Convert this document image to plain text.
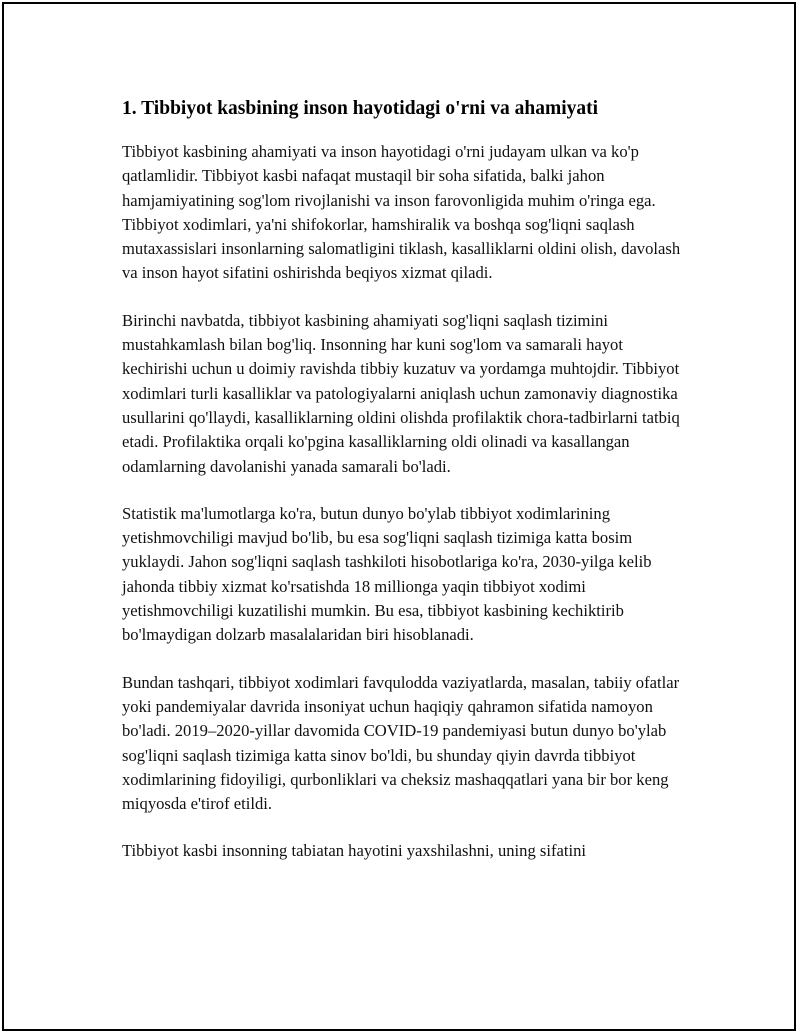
1. Tibbiyot kasbining inson hayotidagi o'rni va ahamiyati

Tibbiyot kasbining ahamiyati va inson hayotidagi o'rni judayam ulkan va ko'p qatlamlidir. Tibbiyot kasbi nafaqat mustaqil bir soha sifatida, balki jahon hamjamiyatining sog'lom rivojlanishi va inson farovonligida muhim o'ringa ega. Tibbiyot xodimlari, ya'ni shifokorlar, hamshiralik va boshqa sog'liqni saqlash mutaxassislari insonlarning salomatligini tiklash, kasalliklarni oldini olish, davolash va inson hayot sifatini oshirishda beqiyos xizmat qiladi.

Birinchi navbatda, tibbiyot kasbining ahamiyati sog'liqni saqlash tizimini mustahkamlash bilan bog'liq. Insonning har kuni sog'lom va samarali hayot kechirishi uchun u doimiy ravishda tibbiy kuzatuv va yordamga muhtojdir. Tibbiyot xodimlari turli kasalliklar va patologiyalarni aniqlash uchun zamonaviy diagnostika usullarini qo'llaydi, kasalliklarning oldini olishda profilaktik chora-tadbirlarni tatbiq etadi. Profilaktika orqali ko'pgina kasalliklarning oldi olinadi va kasallangan odamlarning davolanishi yanada samarali bo'ladi.

Statistik ma'lumotlarga ko'ra, butun dunyo bo'ylab tibbiyot xodimlarining yetishmovchiligi mavjud bo'lib, bu esa sog'liqni saqlash tizimiga katta bosim yuklaydi. Jahon sog'liqni saqlash tashkiloti hisobotlariga ko'ra, 2030-yilga kelib jahonda tibbiy xizmat ko'rsatishda 18 millionga yaqin tibbiyot xodimi yetishmovchiligi kuzatilishi mumkin. Bu esa, tibbiyot kasbining kechiktirib bo'lmaydigan dolzarb masalalaridan biri hisoblanadi.

Bundan tashqari, tibbiyot xodimlari favqulodda vaziyatlarda, masalan, tabiiy ofatlar yoki pandemiyalar davrida insoniyat uchun haqiqiy qahramon sifatida namoyon bo'ladi. 2019–2020-yillar davomida COVID-19 pandemiyasi butun dunyo bo'ylab sog'liqni saqlash tizimiga katta sinov bo'ldi, bu shunday qiyin davrda tibbiyot xodimlarining fidoyiligi, qurbonliklari va cheksiz mashaqqatlari yana bir bor keng miqyosda e'tirof etildi.

Tibbiyot kasbi insonning tabiatan hayotini yaxshilashni, uning sifatini
